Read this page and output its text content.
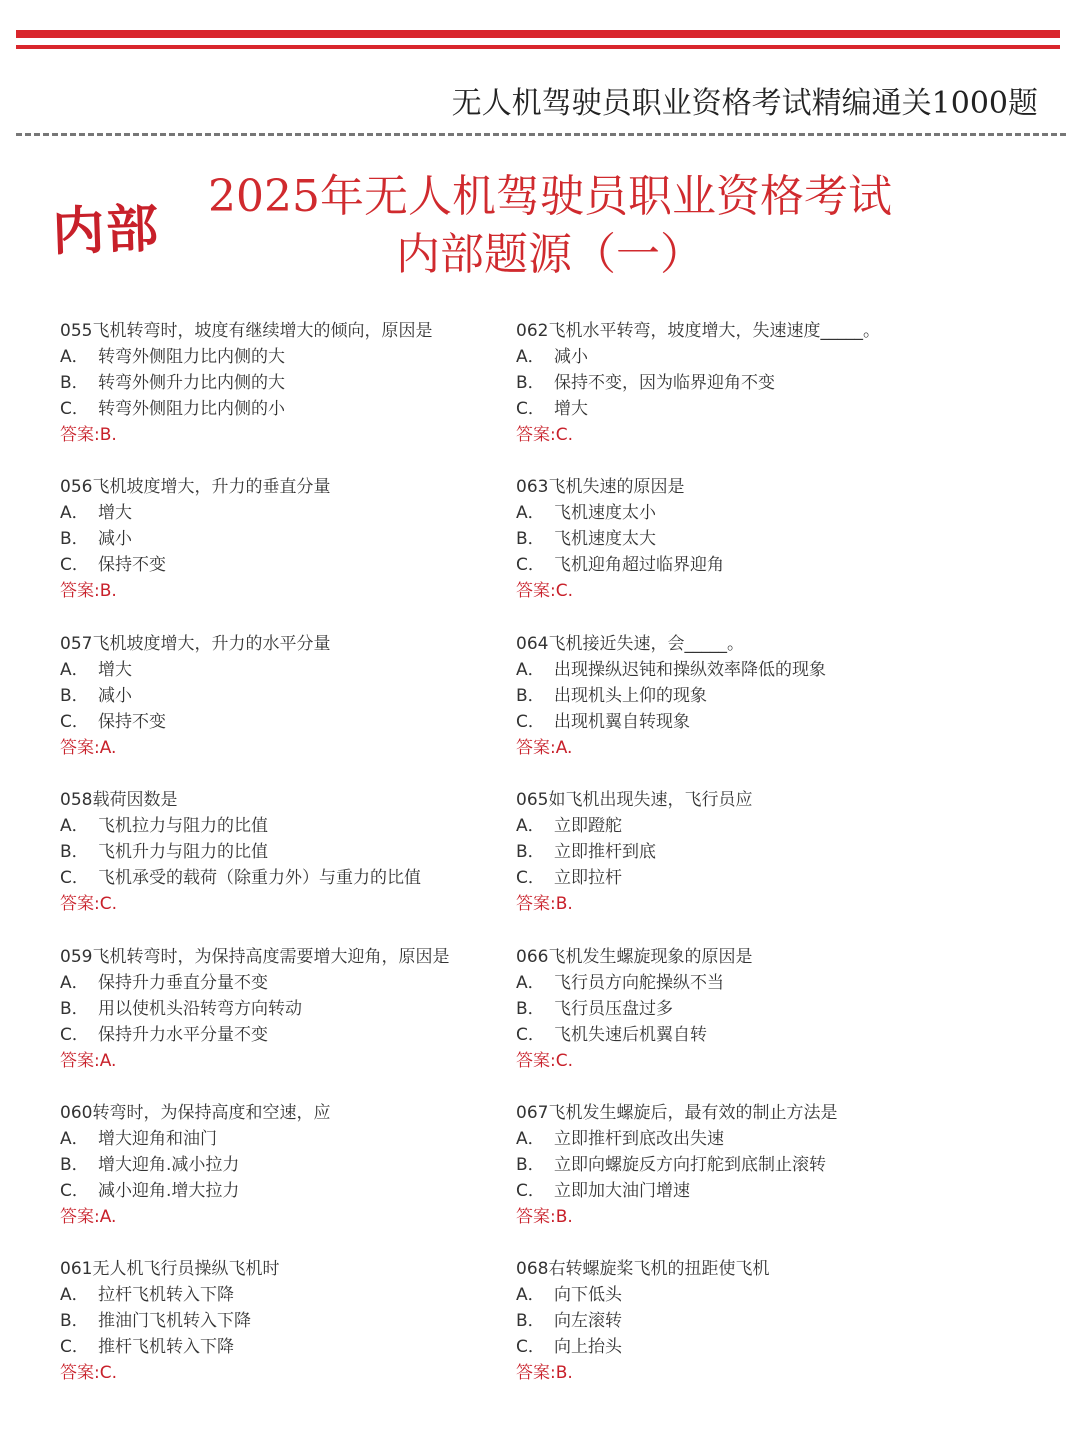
无人机驾驶员职业资格考试精编通关1000题
内部
2025年无人机驾驶员职业资格考试
内部题源（一）
055飞机转弯时，坡度有继续增大的倾向，原因是
A． 转弯外侧阻力比内侧的大
B． 转弯外侧升力比内侧的大
C． 转弯外侧阻力比内侧的小
答案:B.
056飞机坡度增大，升力的垂直分量
A． 增大
B． 减小
C． 保持不变
答案:B.
057飞机坡度增大，升力的水平分量
A． 增大
B． 减小
C． 保持不变
答案:A.
058载荷因数是
A． 飞机拉力与阻力的比值
B． 飞机升力与阻力的比值
C． 飞机承受的载荷（除重力外）与重力的比值
答案:C.
059飞机转弯时，为保持高度需要增大迎角，原因是
A． 保持升力垂直分量不变
B． 用以使机头沿转弯方向转动
C． 保持升力水平分量不变
答案:A.
060转弯时，为保持高度和空速，应
A． 增大迎角和油门
B． 增大迎角.减小拉力
C． 减小迎角.增大拉力
答案:A.
061无人机飞行员操纵飞机时
A． 拉杆飞机转入下降
B． 推油门飞机转入下降
C． 推杆飞机转入下降
答案:C.
062飞机水平转弯，坡度增大，失速速度_____。
A． 减小
B． 保持不变，因为临界迎角不变
C． 增大
答案:C.
063飞机失速的原因是
A． 飞机速度太小
B． 飞机速度太大
C． 飞机迎角超过临界迎角
答案:C.
064飞机接近失速，会_____。
A． 出现操纵迟钝和操纵效率降低的现象
B． 出现机头上仰的现象
C． 出现机翼自转现象
答案:A.
065如飞机出现失速，飞行员应
A． 立即蹬舵
B． 立即推杆到底
C． 立即拉杆
答案:B.
066飞机发生螺旋现象的原因是
A． 飞行员方向舵操纵不当
B． 飞行员压盘过多
C． 飞机失速后机翼自转
答案:C.
067飞机发生螺旋后，最有效的制止方法是
A． 立即推杆到底改出失速
B． 立即向螺旋反方向打舵到底制止滚转
C． 立即加大油门增速
答案:B.
068右转螺旋桨飞机的扭距使飞机
A． 向下低头
B． 向左滚转
C． 向上抬头
答案:B.
